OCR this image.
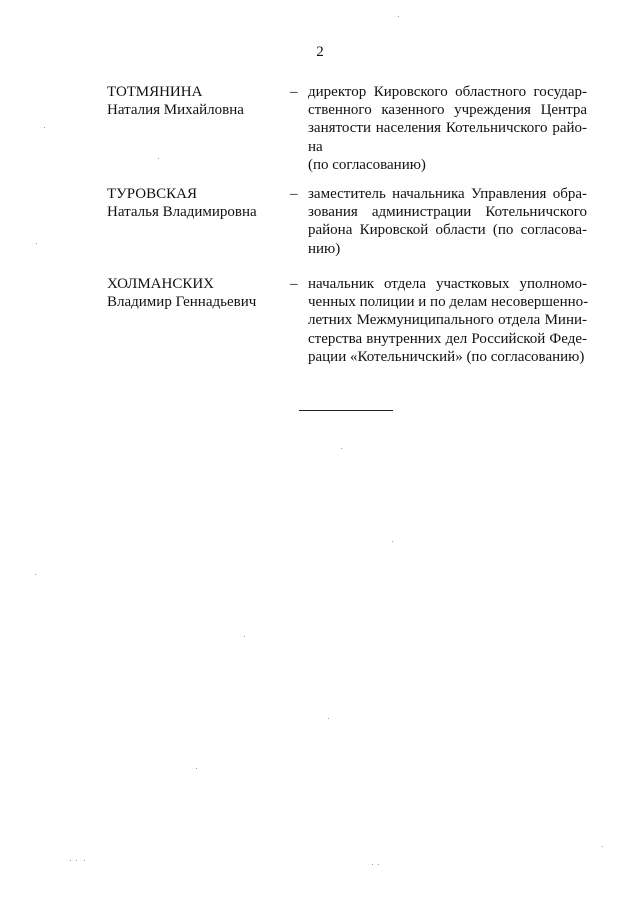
2
ТОТМЯНИНА
Наталия Михайловна
– директор Кировского областного государ-
ственного казенного учреждения Центра
занятости населения Котельничского райо-
на
(по согласованию)
ТУРОВСКАЯ
Наталья Владимировна
– заместитель начальника Управления обра-
зования администрации Котельничского
района Кировской области (по согласова-
нию)
ХОЛМАНСКИХ
Владимир Геннадьевич
– начальник отдела участковых уполномо-
ченных полиции и по делам несовершенно-
летних Межмуниципального отдела Мини-
стерства внутренних дел Российской Феде-
рации «Котельничский» (по согласованию)
